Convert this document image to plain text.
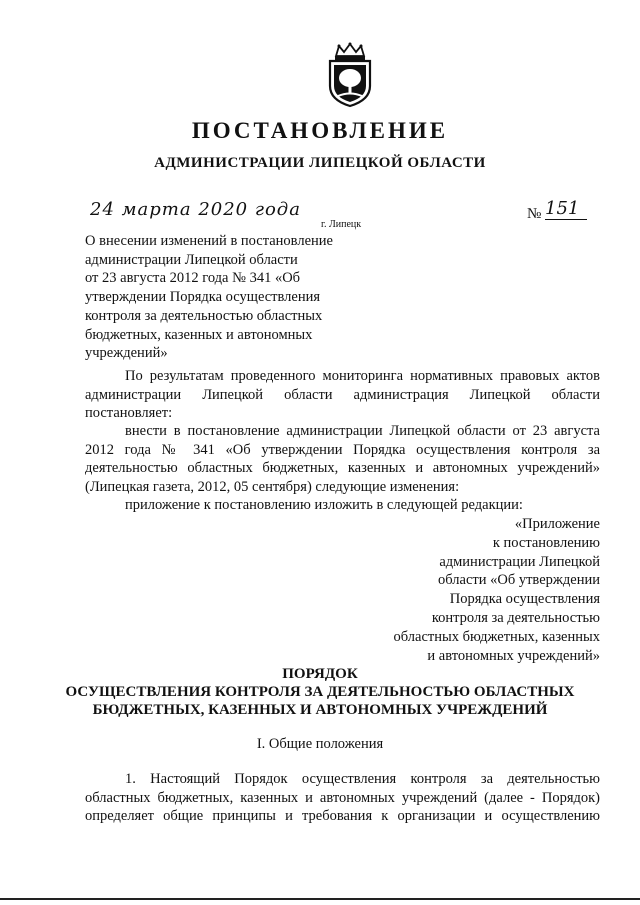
ПОСТАНОВЛЕНИЕ
АДМИНИСТРАЦИИ ЛИПЕЦКОЙ ОБЛАСТИ
24 марта 2020 года
г. Липецк
№ 151
О внесении изменений в постановление
администрации Липецкой области
от 23 августа 2012 года № 341 «Об
утверждении Порядка осуществления
контроля за деятельностью областных
бюджетных, казенных и автономных
учреждений»
По результатам проведенного мониторинга нормативных правовых актов
администрации Липецкой области администрация Липецкой области
постановляет:
внести в постановление администрации Липецкой области от 23 августа
2012 года № 341 «Об утверждении Порядка осуществления контроля за
деятельностью областных бюджетных, казенных и автономных учреждений»
(Липецкая газета, 2012, 05 сентября) следующие изменения:
приложение к постановлению изложить в следующей редакции:
«Приложение
к постановлению
администрации Липецкой
области «Об утверждении
Порядка осуществления
контроля за деятельностью
областных бюджетных, казенных
и автономных учреждений»
ПОРЯДОК
ОСУЩЕСТВЛЕНИЯ КОНТРОЛЯ ЗА ДЕЯТЕЛЬНОСТЬЮ ОБЛАСТНЫХ
БЮДЖЕТНЫХ, КАЗЕННЫХ И АВТОНОМНЫХ УЧРЕЖДЕНИЙ
I. Общие положения
1. Настоящий Порядок осуществления контроля за деятельностью
областных бюджетных, казенных и автономных учреждений (далее - Порядок)
определяет общие принципы и требования к организации и осуществлению
